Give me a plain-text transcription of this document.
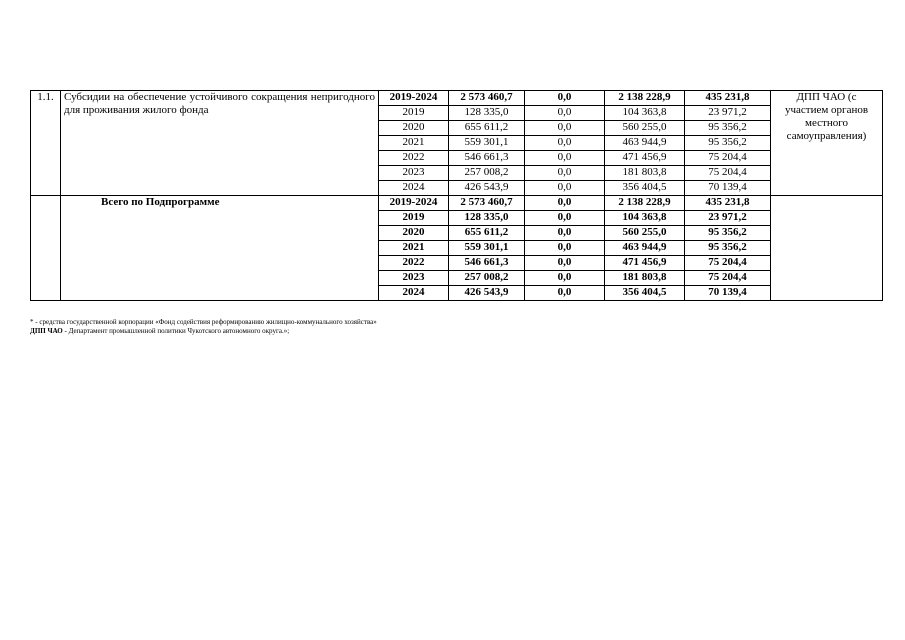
1.1.	Субсидии на обеспечение устойчивого сокращения непригодного для проживания жилого фонда	2019-2024	2 573 460,7	0,0	2 138 228,9	435 231,8	ДПП ЧАО (с участием органов местного самоуправления)
		2019	128 335,0	0,0	104 363,8	23 971,2	
		2020	655 611,2	0,0	560 255,0	95 356,2	
		2021	559 301,1	0,0	463 944,9	95 356,2	
		2022	546 661,3	0,0	471 456,9	75 204,4	
		2023	257 008,2	0,0	181 803,8	75 204,4	
		2024	426 543,9	0,0	356 404,5	70 139,4	
	Всего по Подпрограмме	2019-2024	2 573 460,7	0,0	2 138 228,9	435 231,8	
		2019	128 335,0	0,0	104 363,8	23 971,2	
		2020	655 611,2	0,0	560 255,0	95 356,2	
		2021	559 301,1	0,0	463 944,9	95 356,2	
		2022	546 661,3	0,0	471 456,9	75 204,4	
		2023	257 008,2	0,0	181 803,8	75 204,4	
		2024	426 543,9	0,0	356 404,5	70 139,4	
* - средства государственной корпорации «Фонд содействия реформированию жилищно-коммунального хозяйства»
ДПП ЧАО - Департамент промышленной политики Чукотского автономного округа.»;
